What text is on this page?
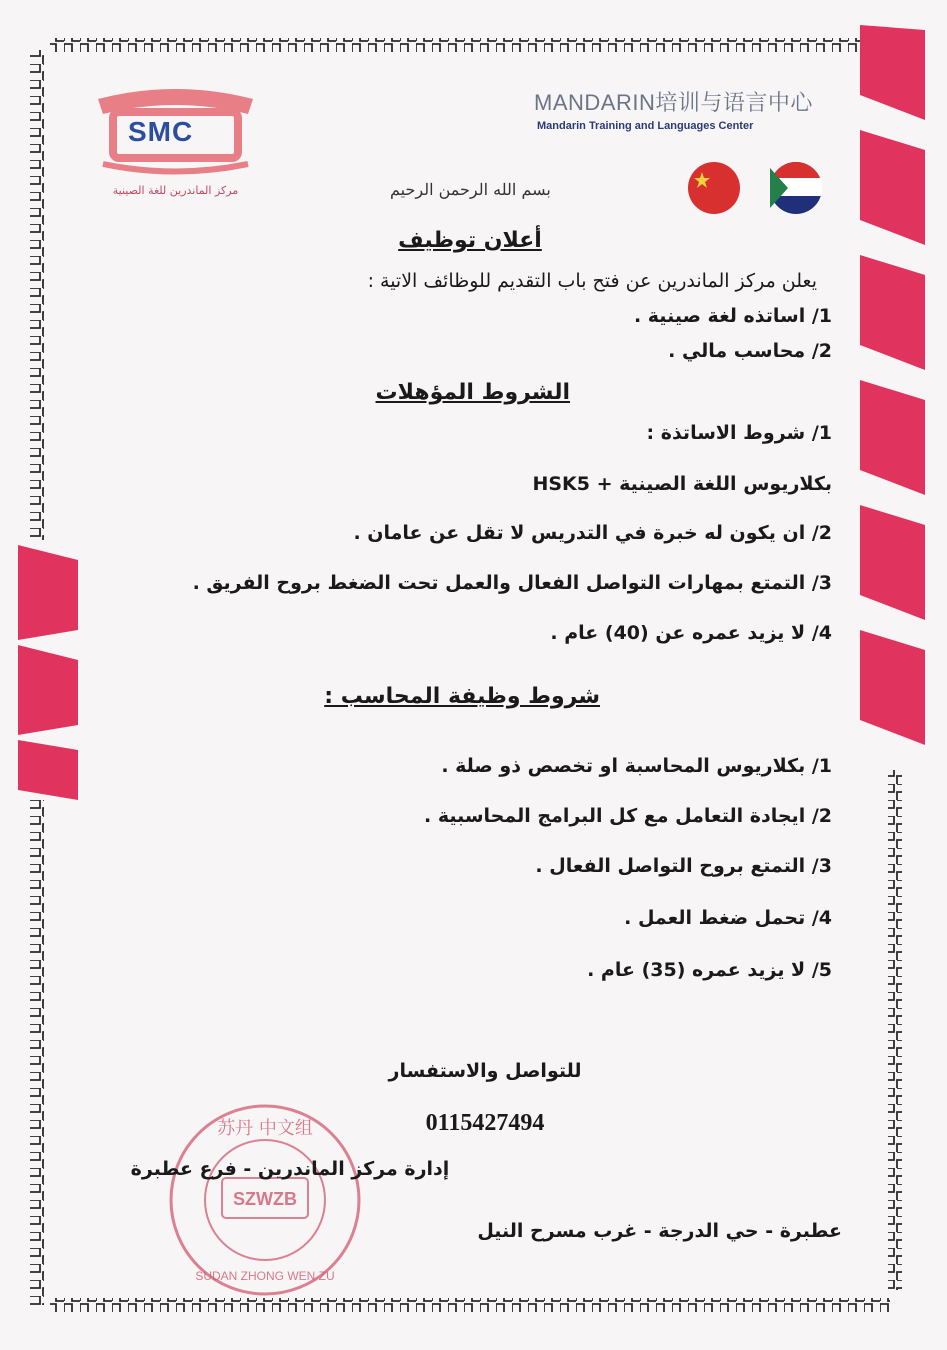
SMC
مركز الماندرين للغة الصينية
MANDARIN培训与语言中心
Mandarin Training and Languages Center
بسم الله الرحمن الرحيم
أعلان توظيف
يعلن مركز الماندرين عن فتح باب التقديم للوظائف الاتية :
1/ اساتذه لغة صينية .
2/ محاسب مالي .
الشروط المؤهلات
1/ شروط الاساتذة :
بكلاريوس اللغة الصينية + HSK5
2/ ان يكون له خبرة في التدريس لا تقل عن عامان .
3/ التمتع بمهارات التواصل الفعال والعمل تحت الضغط بروح الفريق .
4/ لا يزيد عمره عن (40) عام .
شروط وظيفة المحاسب :
1/ بكلاريوس المحاسبة او تخصص ذو صلة .
2/ ايجادة التعامل مع كل البرامج المحاسبية .
3/ التمتع بروح التواصل الفعال .
4/ تحمل ضغط العمل .
5/ لا يزيد عمره (35) عام .
SZWZB
苏丹 中文组
SUDAN ZHONG WEN ZU
للتواصل والاستفسار
0115427494
إدارة مركز الماندرين - فرع عطبرة
عطبرة - حي الدرجة - غرب مسرح النيل
